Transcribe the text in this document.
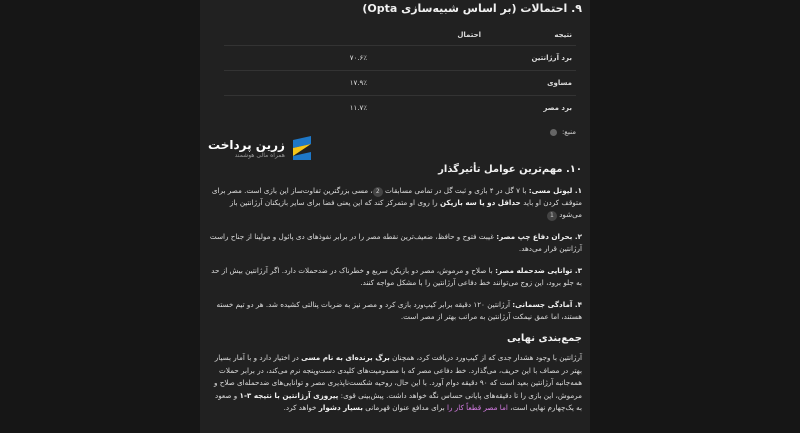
۹. احتمالات (بر اساس شبیه‌سازی Opta)
نتیجه	احتمال
برد آرژانتین	۷۰.۶٪
مساوی	۱۷.۹٪
برد مصر	۱۱.۷٪
منبع:
زرین پرداخت
همراه مالی هوشمند
۱۰. مهم‌ترین عوامل تأثیرگذار

۱. لیونل مسی: با ۷ گل در ۴ بازی و ثبت گل در تمامی مسابقات 2، مسی بزرگترین تفاوت‌ساز این بازی است. مصر برای متوقف کردن او باید حداقل دو یا سه بازیکن را روی او متمرکز کند که این یعنی فضا برای سایر بازیکنان آرژانتین باز می‌شود 1

۲. بحران دفاع چپ مصر: غیبت فتوح و حافظ، ضعیف‌ترین نقطه مصر را در برابر نفوذهای دی پائول و مولینا از جناح راست آرژانتین قرار می‌دهد.

۳. توانایی ضدحمله مصر: با صلاح و مرموش، مصر دو بازیکن سریع و خطرناک در ضدحملات دارد. اگر آرژانتین بیش از حد به جلو برود، این زوج می‌توانند خط دفاعی آرژانتین را با مشکل مواجه کنند.

۴. آمادگی جسمانی: آرژانتین ۱۲۰ دقیقه برابر کیپ‌ورد بازی کرد و مصر نیز به ضربات پنالتی کشیده شد. هر دو تیم خسته هستند، اما عمق نیمکت آرژانتین به مراتب بهتر از مصر است.

جمع‌بندی نهایی

آرژانتین با وجود هشدار جدی که از کیپ‌ورد دریافت کرد، همچنان برگ برنده‌ای به نام مسی در اختیار دارد و با آمار بسیار بهتر در مصاف با این حریف، می‌گذارد. خط دفاعی مصر که با مصدومیت‌های کلیدی دست‌وپنجه نرم می‌کند، در برابر حملات همه‌جانبه آرژانتین بعید است که ۹۰ دقیقه دوام آورد. با این حال، روحیه شکست‌ناپذیری مصر و توانایی‌های ضدحمله‌ای صلاح و مرموش، این بازی را تا دقیقه‌های پایانی حساس نگه خواهد داشت. پیش‌بینی قوی: پیروزی آرژانتین با نتیجه ۳-۱ و صعود به یک‌چهارم نهایی است، اما مصر قطعاً کار را برای مدافع عنوان قهرمانی بسیار دشوار خواهد کرد.
